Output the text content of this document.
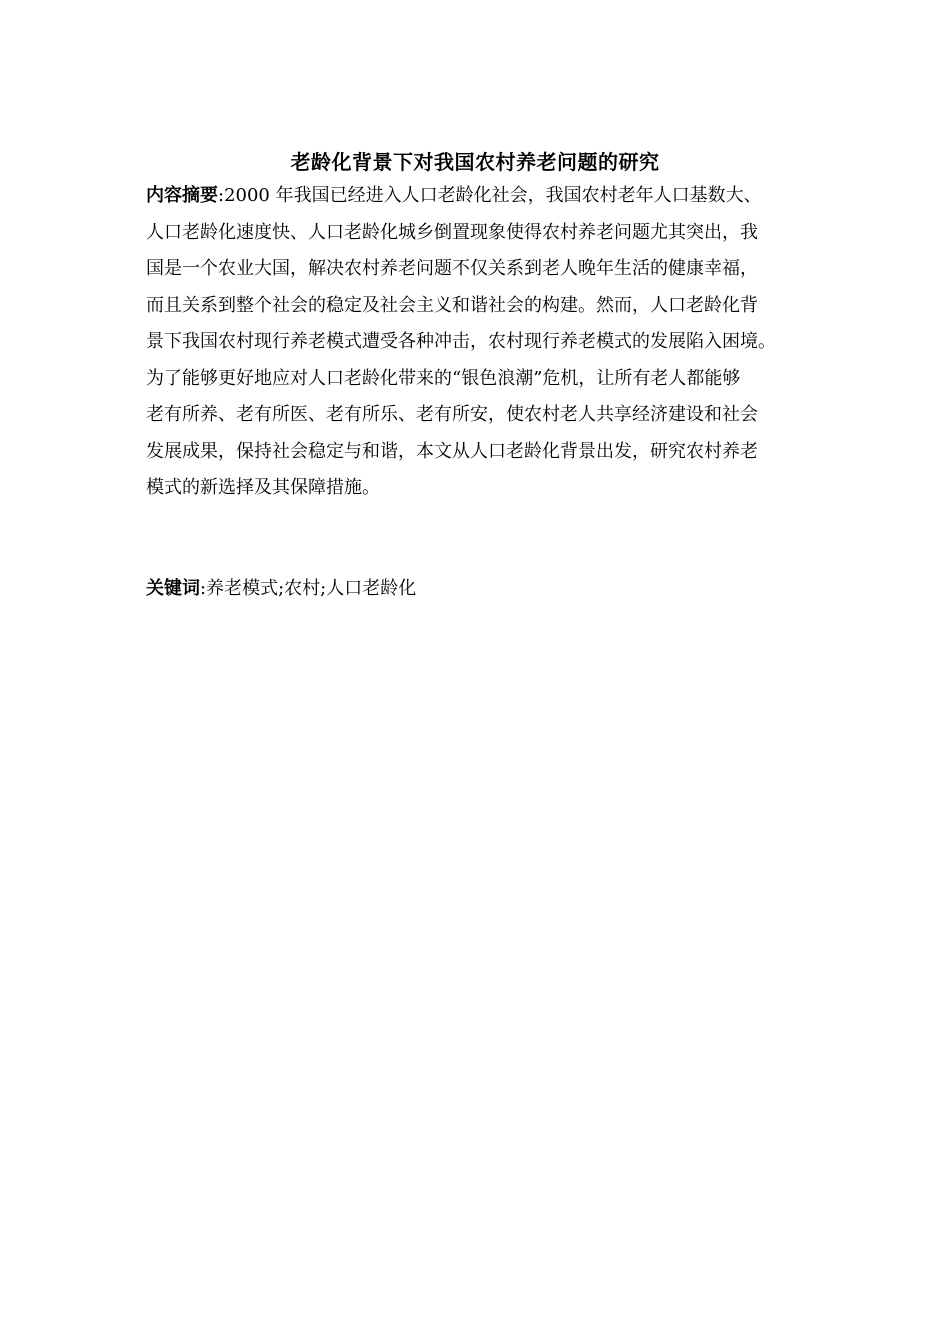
老龄化背景下对我国农村养老问题的研究
内容摘要:2000 年我国已经进入人口老龄化社会，我国农村老年人口基数大、
人口老龄化速度快、人口老龄化城乡倒置现象使得农村养老问题尤其突出，我
国是一个农业大国，解决农村养老问题不仅关系到老人晚年生活的健康幸福，
而且关系到整个社会的稳定及社会主义和谐社会的构建。然而，人口老龄化背
景下我国农村现行养老模式遭受各种冲击，农村现行养老模式的发展陷入困境。
为了能够更好地应对人口老龄化带来的“银色浪潮”危机，让所有老人都能够
老有所养、老有所医、老有所乐、老有所安，使农村老人共享经济建设和社会
发展成果，保持社会稳定与和谐，本文从人口老龄化背景出发，研究农村养老
模式的新选择及其保障措施。
关键词:养老模式;农村;人口老龄化
